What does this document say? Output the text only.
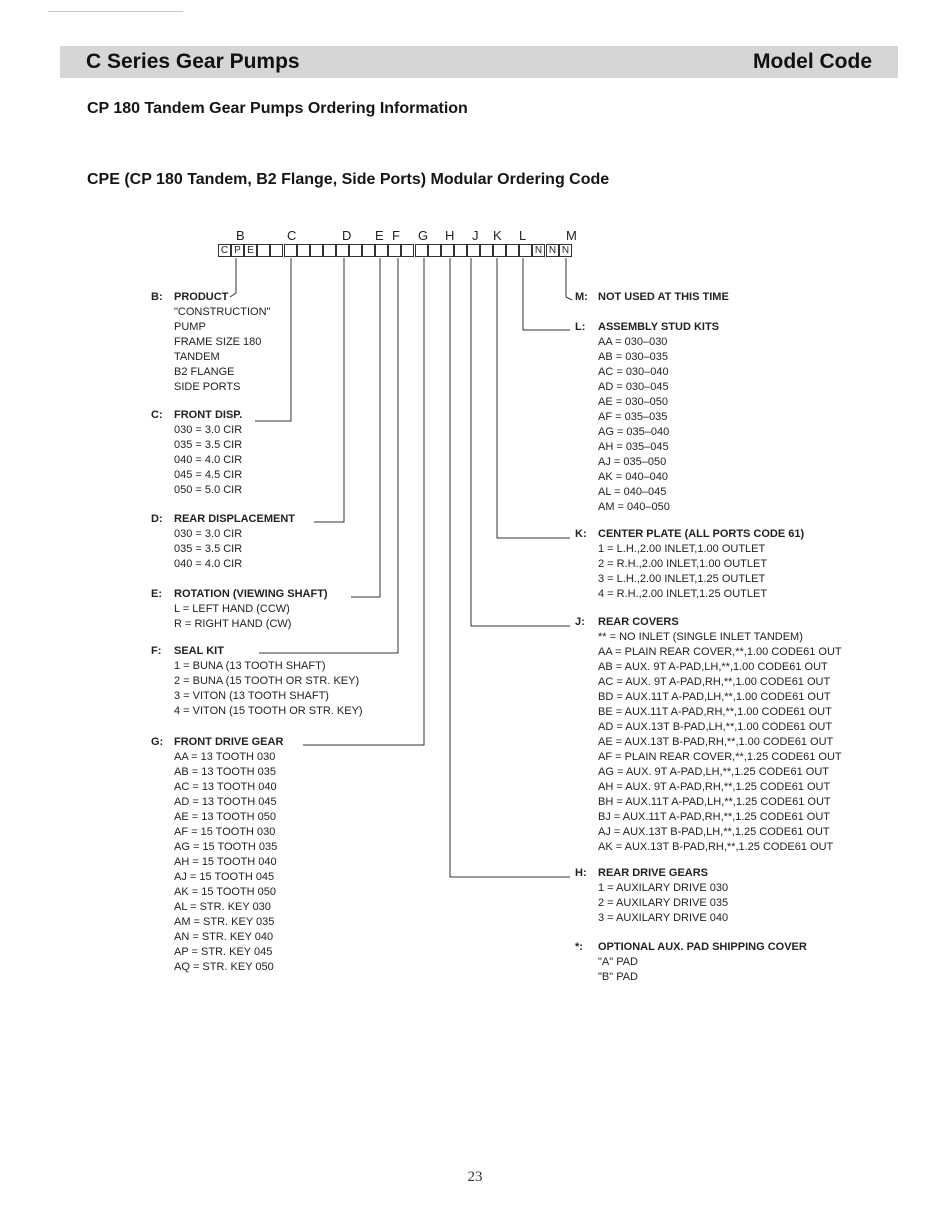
C Series Gear Pumps	Model Code
CP 180 Tandem Gear Pumps Ordering Information
CPE (CP 180 Tandem, B2 Flange, Side Ports) Modular Ordering Code
B	C	D E F G H J K L	M
C P E	N N N
B: PRODUCT
"CONSTRUCTION"
PUMP
FRAME SIZE 180
TANDEM
B2 FLANGE
SIDE PORTS
C: FRONT DISP.
030 = 3.0 CIR
035 = 3.5 CIR
040 = 4.0 CIR
045 = 4.5 CIR
050 = 5.0 CIR
D: REAR DISPLACEMENT
030 = 3.0 CIR
035 = 3.5 CIR
040 = 4.0 CIR
E: ROTATION (VIEWING SHAFT)
L = LEFT HAND (CCW)
R = RIGHT HAND (CW)
F: SEAL KIT
1 = BUNA (13 TOOTH SHAFT)
2 = BUNA (15 TOOTH OR STR. KEY)
3 = VITON (13 TOOTH SHAFT)
4 = VITON (15 TOOTH OR STR. KEY)
G: FRONT DRIVE GEAR
AA = 13 TOOTH 030
AB = 13 TOOTH 035
AC = 13 TOOTH 040
AD = 13 TOOTH 045
AE = 13 TOOTH 050
AF = 15 TOOTH 030
AG = 15 TOOTH 035
AH = 15 TOOTH 040
AJ = 15 TOOTH 045
AK = 15 TOOTH 050
AL = STR. KEY 030
AM = STR. KEY 035
AN = STR. KEY 040
AP = STR. KEY 045
AQ = STR. KEY 050
M: NOT USED AT THIS TIME
L: ASSEMBLY STUD KITS
AA = 030–030
AB = 030–035
AC = 030–040
AD = 030–045
AE = 030–050
AF = 035–035
AG = 035–040
AH = 035–045
AJ = 035–050
AK = 040–040
AL = 040–045
AM = 040–050
K: CENTER PLATE (ALL PORTS CODE 61)
1 = L.H.,2.00 INLET,1.00 OUTLET
2 = R.H.,2.00 INLET,1.00 OUTLET
3 = L.H.,2.00 INLET,1.25 OUTLET
4 = R.H.,2.00 INLET,1.25 OUTLET
J: REAR COVERS
** = NO INLET (SINGLE INLET TANDEM)
AA = PLAIN REAR COVER,**,1.00 CODE61 OUT
AB = AUX. 9T A-PAD,LH,**,1.00 CODE61 OUT
AC = AUX. 9T A-PAD,RH,**,1.00 CODE61 OUT
BD = AUX.11T A-PAD,LH,**,1.00 CODE61 OUT
BE = AUX.11T A-PAD,RH,**,1.00 CODE61 OUT
AD = AUX.13T B-PAD,LH,**,1.00 CODE61 OUT
AE = AUX.13T B-PAD,RH,**,1.00 CODE61 OUT
AF = PLAIN REAR COVER,**,1.25 CODE61 OUT
AG = AUX. 9T A-PAD,LH,**,1.25 CODE61 OUT
AH = AUX. 9T A-PAD,RH,**,1.25 CODE61 OUT
BH = AUX.11T A-PAD,LH,**,1.25 CODE61 OUT
BJ = AUX.11T A-PAD,RH,**,1.25 CODE61 OUT
AJ = AUX.13T B-PAD,LH,**,1.25 CODE61 OUT
AK = AUX.13T B-PAD,RH,**,1.25 CODE61 OUT
H: REAR DRIVE GEARS
1 = AUXILARY DRIVE 030
2 = AUXILARY DRIVE 035
3 = AUXILARY DRIVE 040
*: OPTIONAL AUX. PAD SHIPPING COVER
"A" PAD
"B" PAD
23
